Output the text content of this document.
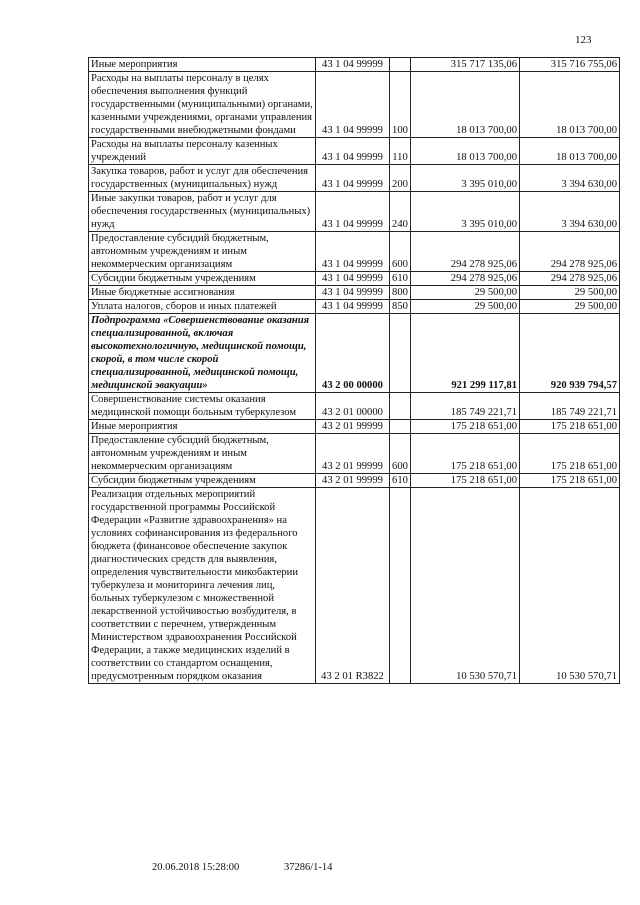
123
Иные мероприятия	43 1 04 99999		315 717 135,06	315 716 755,06
Расходы на выплаты персоналу в целях обеспечения выполнения функций государственными (муниципальными) органами, казенными учреждениями, органами управления государственными внебюджетными фондами	43 1 04 99999	100	18 013 700,00	18 013 700,00
Расходы на выплаты персоналу казенных учреждений	43 1 04 99999	110	18 013 700,00	18 013 700,00
Закупка товаров, работ и услуг для обеспечения государственных (муниципальных) нужд	43 1 04 99999	200	3 395 010,00	3 394 630,00
Иные закупки товаров, работ и услуг для обеспечения государственных (муниципальных) нужд	43 1 04 99999	240	3 395 010,00	3 394 630,00
Предоставление субсидий бюджетным, автономным учреждениям и иным некоммерческим организациям	43 1 04 99999	600	294 278 925,06	294 278 925,06
Субсидии бюджетным учреждениям	43 1 04 99999	610	294 278 925,06	294 278 925,06
Иные бюджетные ассигнования	43 1 04 99999	800	29 500,00	29 500,00
Уплата налогов, сборов и иных платежей	43 1 04 99999	850	29 500,00	29 500,00
Подпрограмма «Совершенствование оказания специализированной, включая высокотехнологичную, медицинской помощи, скорой, в том числе скорой специализированной, медицинской помощи, медицинской эвакуации»	43 2 00 00000		921 299 117,81	920 939 794,57
Совершенствование системы оказания медицинской помощи больным туберкулезом	43 2 01 00000		185 749 221,71	185 749 221,71
Иные мероприятия	43 2 01 99999		175 218 651,00	175 218 651,00
Предоставление субсидий бюджетным, автономным учреждениям и иным некоммерческим организациям	43 2 01 99999	600	175 218 651,00	175 218 651,00
Субсидии бюджетным учреждениям	43 2 01 99999	610	175 218 651,00	175 218 651,00
Реализация отдельных мероприятий государственной программы Российской Федерации «Развитие здравоохранения» на условиях софинансирования из федерального бюджета (финансовое обеспечение закупок диагностических средств для выявления, определения чувствительности микобактерии туберкулеза и мониторинга лечения лиц, больных туберкулезом с множественной лекарственной устойчивостью возбудителя, в соответствии с перечнем, утвержденным Министерством здравоохранения Российской Федерации, а также медицинских изделий в соответствии со стандартом оснащения, предусмотренным порядком оказания	43 2 01 R3822		10 530 570,71	10 530 570,71
20.06.2018 15:28:00	37286/1-14
